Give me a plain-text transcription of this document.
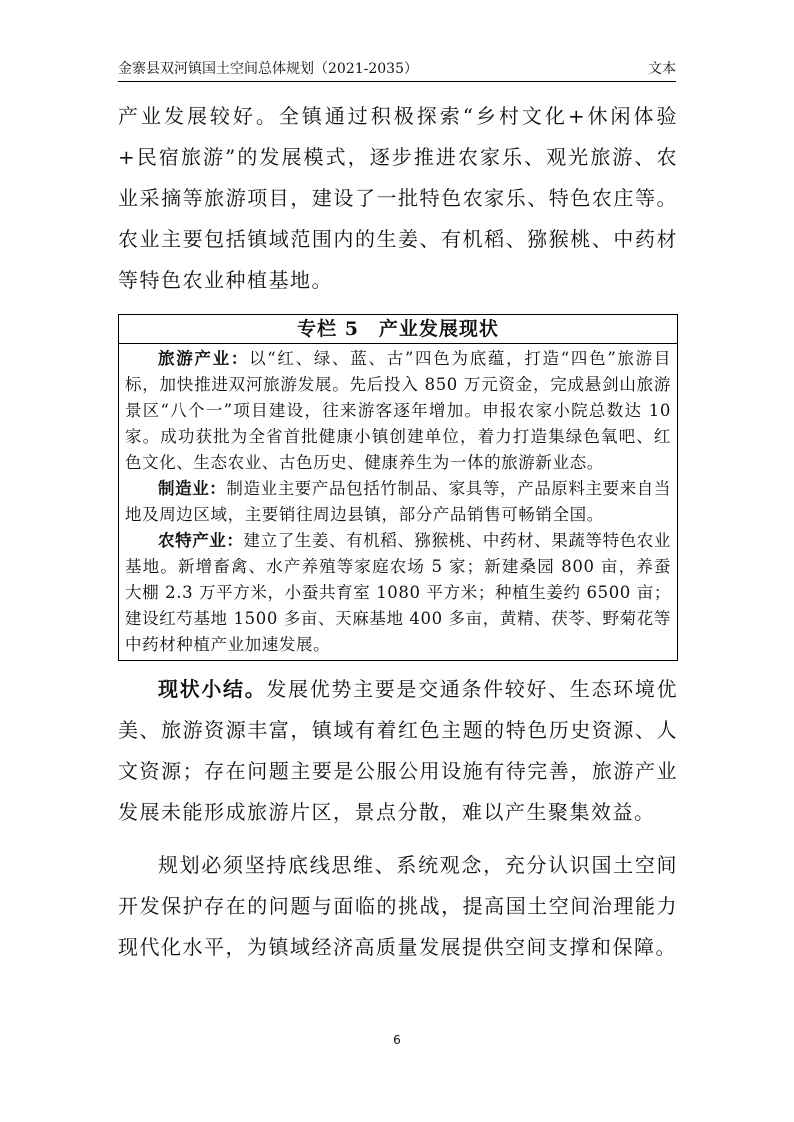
金寨县双河镇国土空间总体规划（2021-2035）	文本

产业发展较好。全镇通过积极探索“乡村文化+休闲体验+民宿旅游”的发展模式，逐步推进农家乐、观光旅游、农业采摘等旅游项目，建设了一批特色农家乐、特色农庄等。农业主要包括镇域范围内的生姜、有机稻、猕猴桃、中药材等特色农业种植基地。

专栏 5　产业发展现状

旅游产业：以“红、绿、蓝、古”四色为底蕴，打造“四色”旅游目标，加快推进双河旅游发展。先后投入 850 万元资金，完成悬剑山旅游景区“八个一”项目建设，往来游客逐年增加。申报农家小院总数达 10 家。成功获批为全省首批健康小镇创建单位，着力打造集绿色氧吧、红色文化、生态农业、古色历史、健康养生为一体的旅游新业态。

制造业：制造业主要产品包括竹制品、家具等，产品原料主要来自当地及周边区域，主要销往周边县镇，部分产品销售可畅销全国。

农特产业：建立了生姜、有机稻、猕猴桃、中药材、果蔬等特色农业基地。新增畜禽、水产养殖等家庭农场 5 家；新建桑园 800 亩，养蚕大棚 2.3 万平方米，小蚕共育室 1080 平方米；种植生姜约 6500 亩；建设红芍基地 1500 多亩、天麻基地 400 多亩，黄精、茯苓、野菊花等中药材种植产业加速发展。

现状小结。发展优势主要是交通条件较好、生态环境优美、旅游资源丰富，镇域有着红色主题的特色历史资源、人文资源；存在问题主要是公服公用设施有待完善，旅游产业发展未能形成旅游片区，景点分散，难以产生聚集效益。

规划必须坚持底线思维、系统观念，充分认识国土空间开发保护存在的问题与面临的挑战，提高国土空间治理能力现代化水平，为镇域经济高质量发展提供空间支撑和保障。

6
